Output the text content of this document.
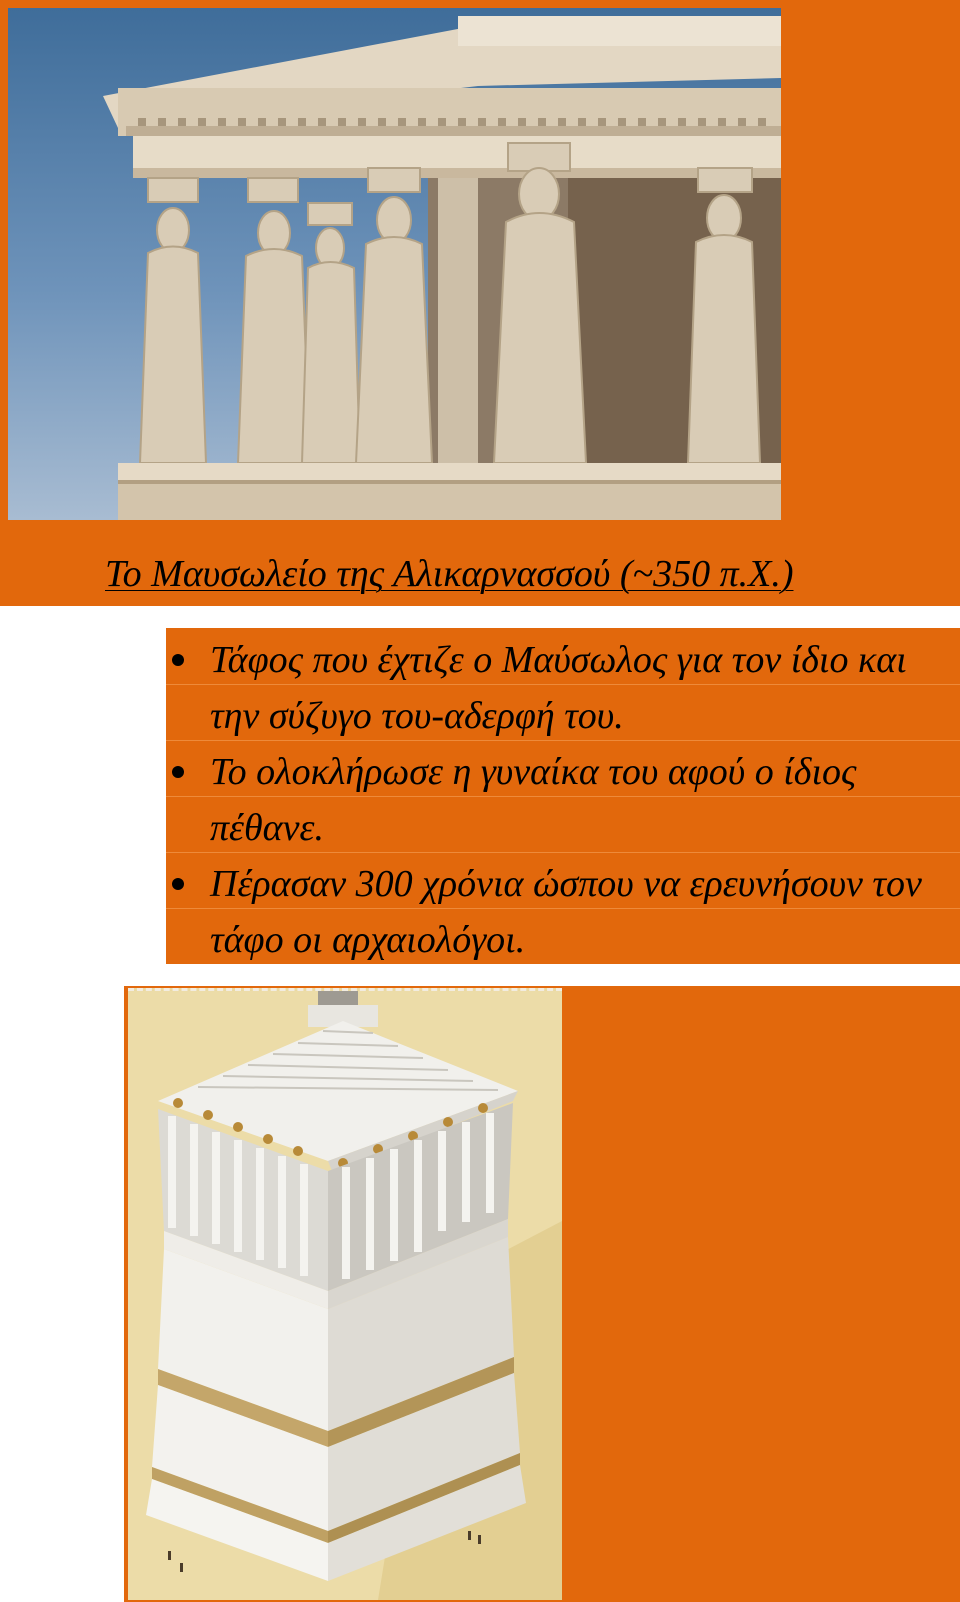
Το Μαυσωλείο της Αλικαρνασσού (~350 π.Χ.)
Τάφος που έχτιζε ο Μαύσωλος για τον ίδιο και την σύζυγο του-αδερφή του.
Το ολοκλήρωσε η γυναίκα του αφού ο ίδιος πέθανε.
Πέρασαν 300 χρόνια ώσπου να ερευνήσουν τον τάφο οι αρχαιολόγοι.
